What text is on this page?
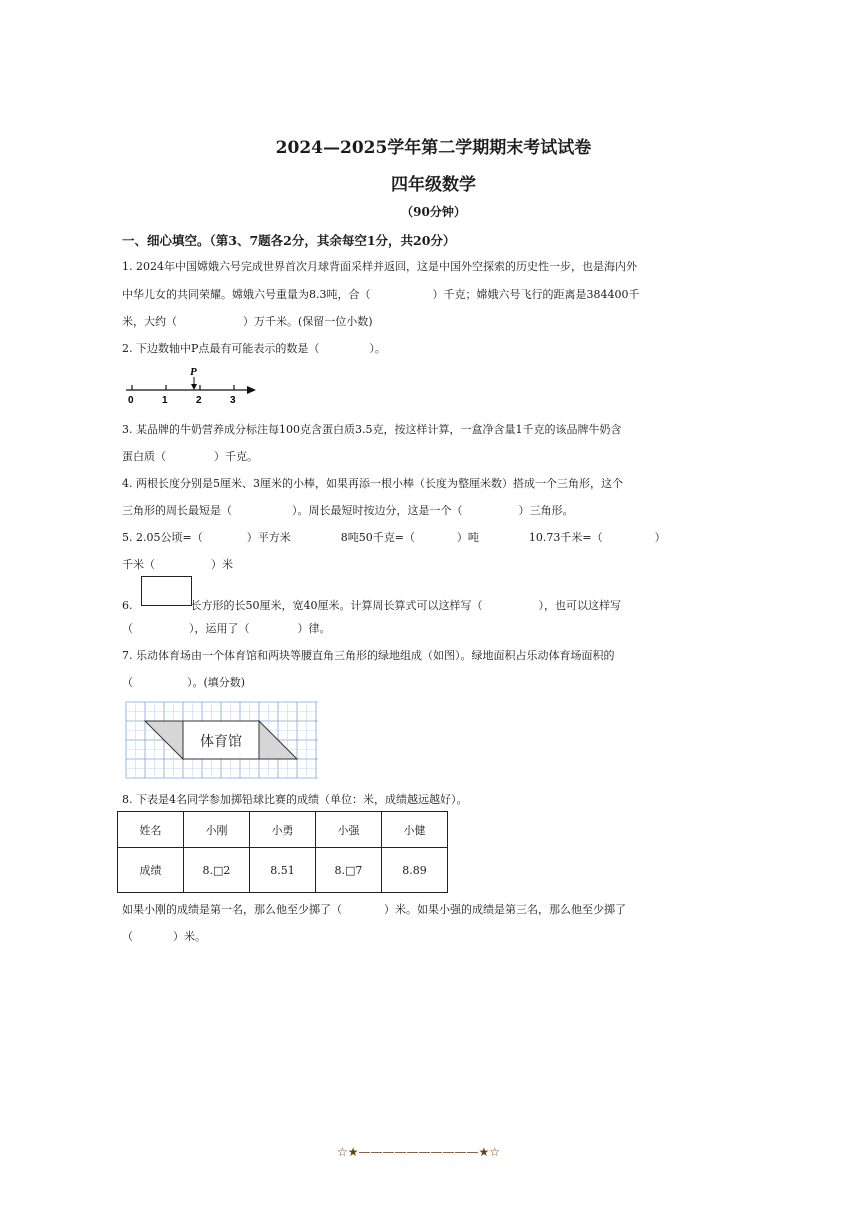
2024—2025学年第二学期期末考试试卷
四年级数学
（90分钟）
一、细心填空。（第3、7题各2分，其余每空1分，共20分）
1. 2024年中国嫦娥六号完成世界首次月球背面采样并返回，这是中国外空探索的历史性一步，也是海内外
中华儿女的共同荣耀。嫦娥六号重量为8.3吨，合（	）千克；嫦娥六号飞行的距离是384400千
米，大约（	）万千米。(保留一位小数)
2. 下边数轴中P点最有可能表示的数是（	）。
P
0	1	2	3
3. 某品牌的牛奶营养成分标注每100克含蛋白质3.5克，按这样计算，一盒净含量1千克的该品牌牛奶含
蛋白质（	）千克。
4. 两根长度分别是5厘米、3厘米的小棒，如果再添一根小棒（长度为整厘米数）搭成一个三角形，这个
三角形的周长最短是（	）。周长最短时按边分，这是一个（	）三角形。
5. 2.05公顷=（	）平方米	8吨50千克=（	）吨	10.73千米=（	）
千米（	）米
6.	长方形的长50厘米，宽40厘米。计算周长算式可以这样写（	），也可以这样写
（	），运用了（	）律。
7. 乐动体育场由一个体育馆和两块等腰直角三角形的绿地组成（如图）。绿地面积占乐动体育场面积的
（	）。(填分数)
体育馆
8. 下表是4名同学参加掷铅球比赛的成绩（单位：米，成绩越远越好）。
姓名	小刚	小勇	小强	小健
成绩	8.□2	8.51	8.□7	8.89
如果小刚的成绩是第一名，那么他至少掷了（	）米。如果小强的成绩是第三名，那么他至少掷了
（	）米。
☆★——————————★☆
